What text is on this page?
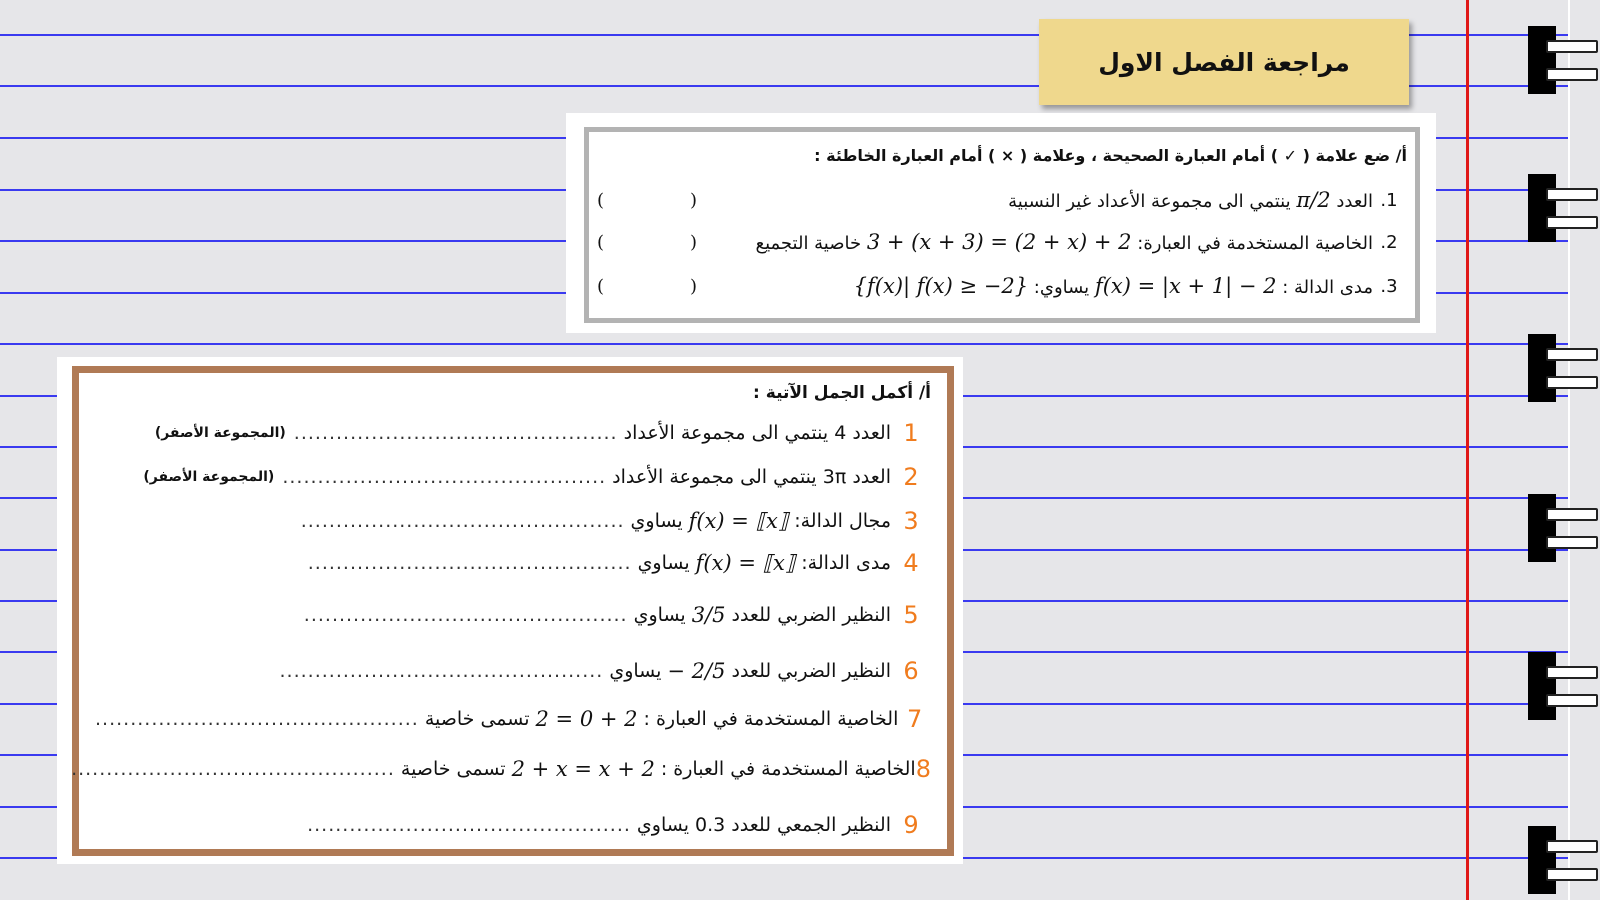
مراجعة الفصل الاول
أ/ ضع علامة ( ✓ ) أمام العبارة الصحيحة ، وعلامة ( × ) أمام العبارة الخاطئة :
1.
العدد π/2 ينتمي الى مجموعة الأعداد غير النسبية
(	)
2.
الخاصية المستخدمة في العبارة: 3 + (x + 3) = (2 + x) + 2 خاصية التجميع
(	)
3.
مدى الدالة : f(x) = |x + 1| − 2 يساوي: {f(x)| f(x) ≥ −2}
(	)
أ/ أكمل الجمل الآتية :
1
العدد 4 ينتمي الى مجموعة الأعداد
..............................................
(المجموعة الأصفر)
2
العدد 3π ينتمي الى مجموعة الأعداد
..............................................
(المجموعة الأصفر)
3
مجال الدالة:
f(x) = ⟦x⟧
يساوي
..............................................
4
مدى الدالة:
f(x) = ⟦x⟧
يساوي
..............................................
5
النظير الضربي للعدد
3/5
يساوي
..............................................
6
النظير الضربي للعدد
− 2/5
يساوي
..............................................
7
الخاصية المستخدمة في العبارة :
2 = 0 + 2
تسمى خاصية
..............................................
8
الخاصية المستخدمة في العبارة :
2 + x = x + 2
تسمى خاصية
..............................................
9
النظير الجمعي للعدد 0.3 يساوي
..............................................
